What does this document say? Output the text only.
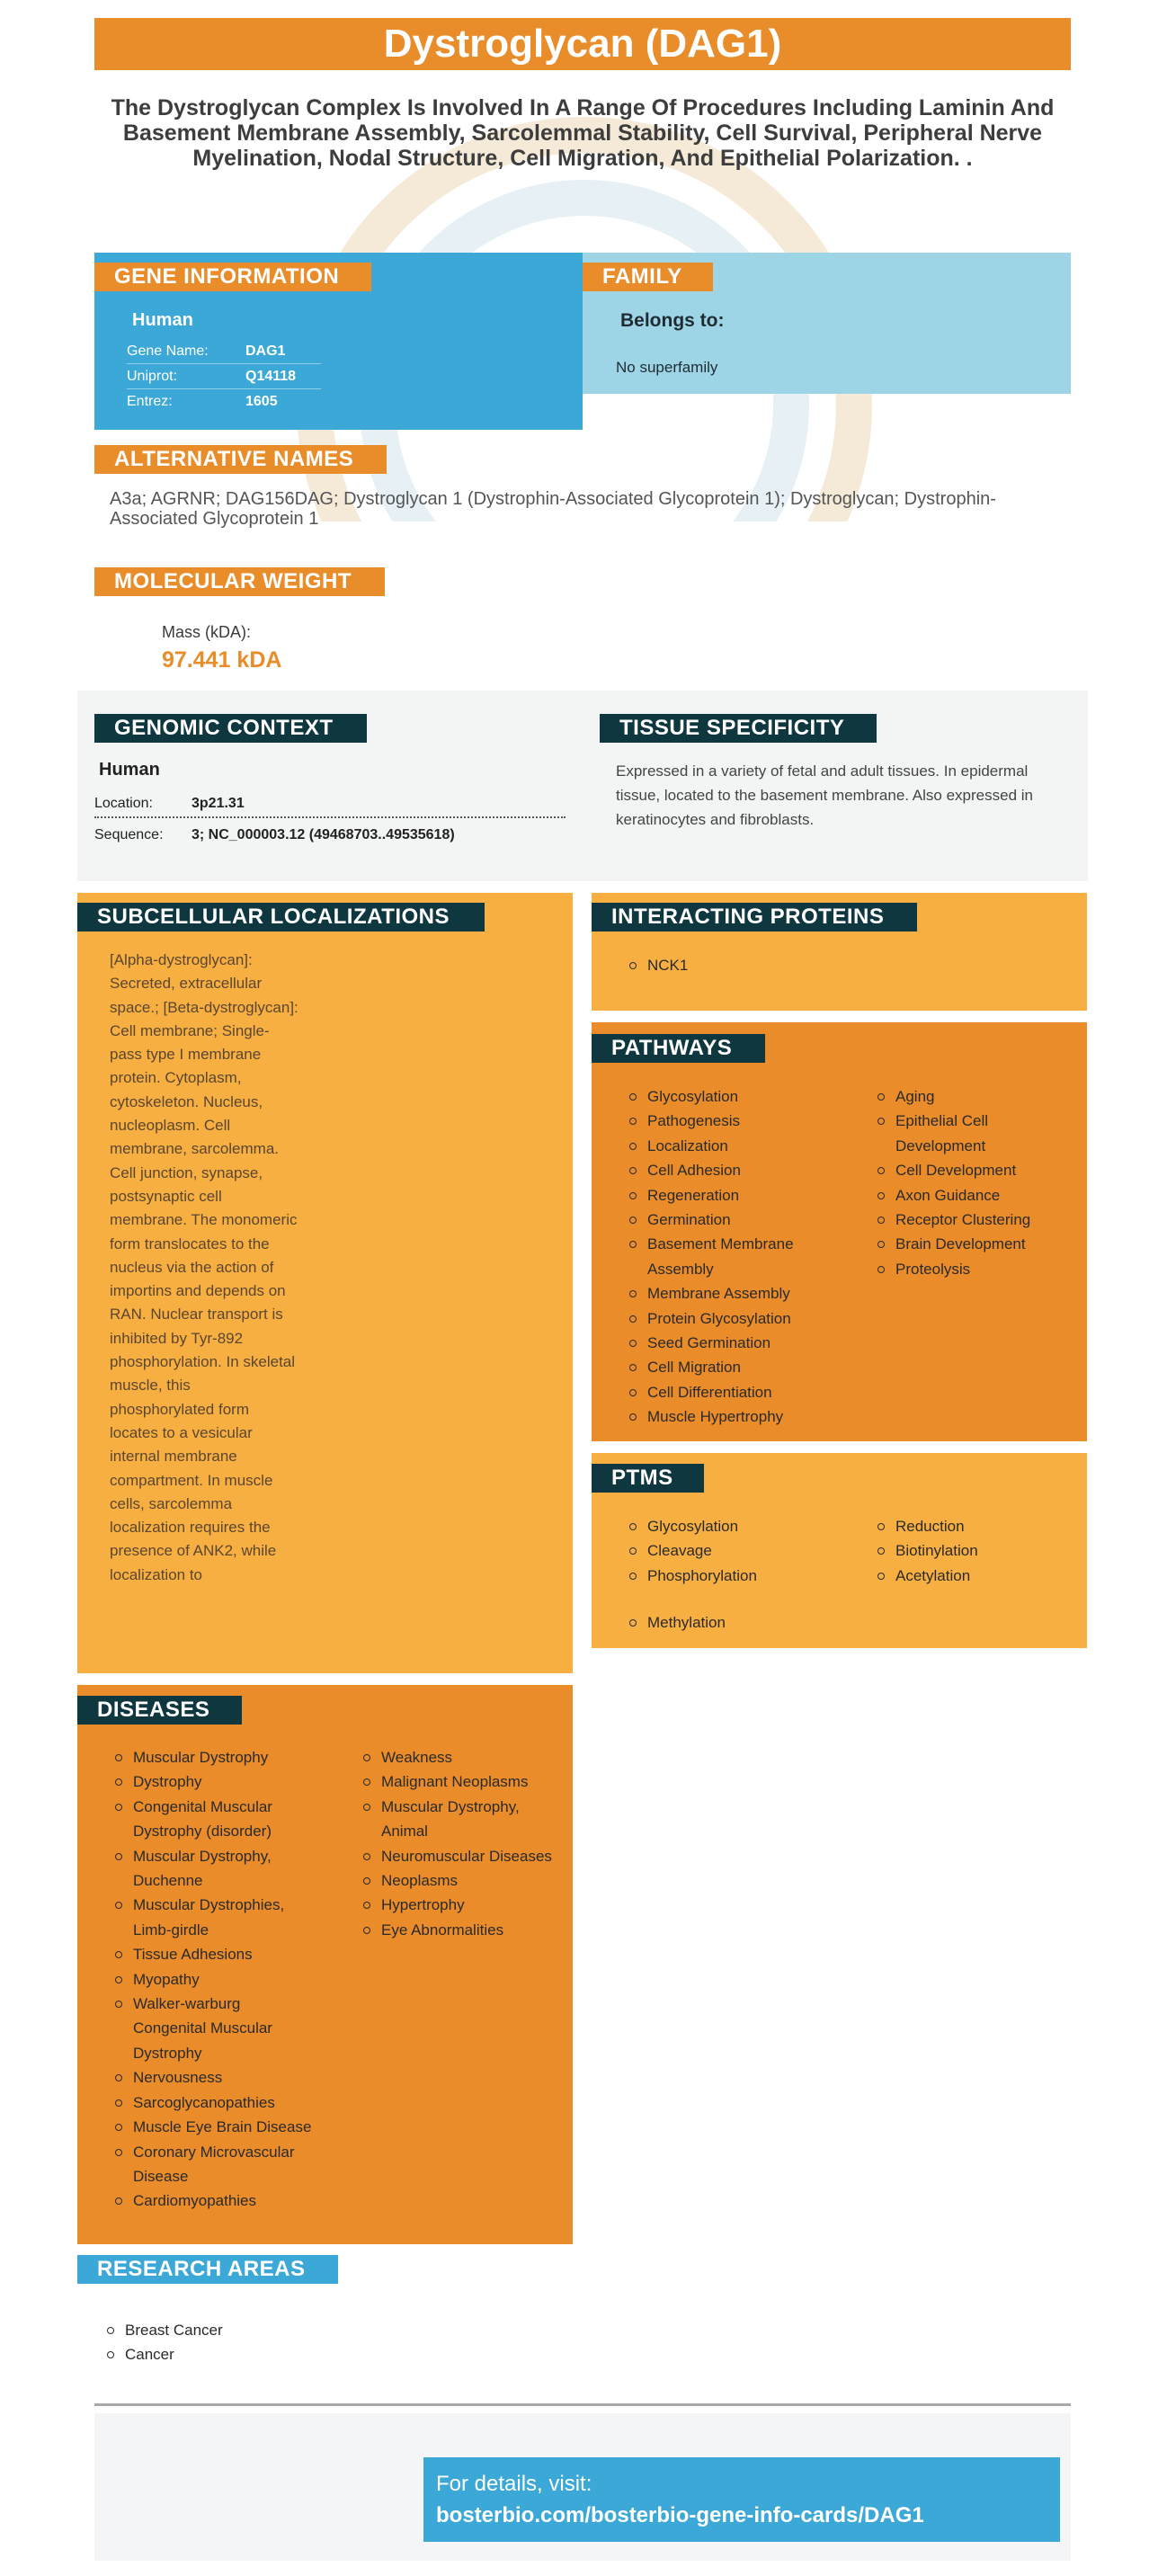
Dystroglycan (DAG1)
The Dystroglycan Complex Is Involved In A Range Of Procedures Including Laminin And Basement Membrane Assembly, Sarcolemmal Stability, Cell Survival, Peripheral Nerve Myelination, Nodal Structure, Cell Migration, And Epithelial Polarization. .
Human
Gene Name:	DAG1
Uniprot:	Q14118
Entrez:	1605
GENE INFORMATION
Belongs to:
No superfamily
FAMILY
ALTERNATIVE NAMES
A3a; AGRNR; DAG156DAG; Dystroglycan 1 (Dystrophin-Associated Glycoprotein 1); Dystroglycan; Dystrophin-Associated Glycoprotein 1
MOLECULAR WEIGHT
Mass (kDA):
97.441 kDA
GENOMIC CONTEXT
Human
Location:	3p21.31
Sequence:	3; NC_000003.12 (49468703..49535618)
TISSUE SPECIFICITY
Expressed in a variety of fetal and adult tissues. In epidermal tissue, located to the basement membrane. Also expressed in keratinocytes and fibroblasts.
SUBCELLULAR LOCALIZATIONS
[Alpha-dystroglycan]: Secreted, extracellular space.; [Beta-dystroglycan]: Cell membrane; Single-pass type I membrane protein. Cytoplasm, cytoskeleton. Nucleus, nucleoplasm. Cell membrane, sarcolemma. Cell junction, synapse, postsynaptic cell membrane. The monomeric form translocates to the nucleus via the action of importins and depends on RAN. Nuclear transport is inhibited by Tyr-892 phosphorylation. In skeletal muscle, this phosphorylated form locates to a vesicular internal membrane compartment. In muscle cells, sarcolemma localization requires the presence of ANK2, while localization to
INTERACTING PROTEINS
NCK1
PATHWAYS
Glycosylation
Pathogenesis
Localization
Cell Adhesion
Regeneration
Germination
Basement Membrane Assembly
Membrane Assembly
Protein Glycosylation
Seed Germination
Cell Migration
Cell Differentiation
Muscle Hypertrophy
Aging
Epithelial Cell Development
Cell Development
Axon Guidance
Receptor Clustering
Brain Development
Proteolysis
PTMS
Glycosylation
Cleavage
Phosphorylation
Reduction
Biotinylation
Acetylation
Methylation
DISEASES
Muscular Dystrophy
Dystrophy
Congenital Muscular Dystrophy (disorder)
Muscular Dystrophy, Duchenne
Muscular Dystrophies, Limb-girdle
Tissue Adhesions
Myopathy
Walker-warburg Congenital Muscular Dystrophy
Nervousness
Sarcoglycanopathies
Muscle Eye Brain Disease
Coronary Microvascular Disease
Cardiomyopathies
Weakness
Malignant Neoplasms
Muscular Dystrophy, Animal
Neuromuscular Diseases
Neoplasms
Hypertrophy
Eye Abnormalities
RESEARCH AREAS
Breast Cancer
Cancer
For details, visit:
bosterbio.com/bosterbio-gene-info-cards/DAG1
